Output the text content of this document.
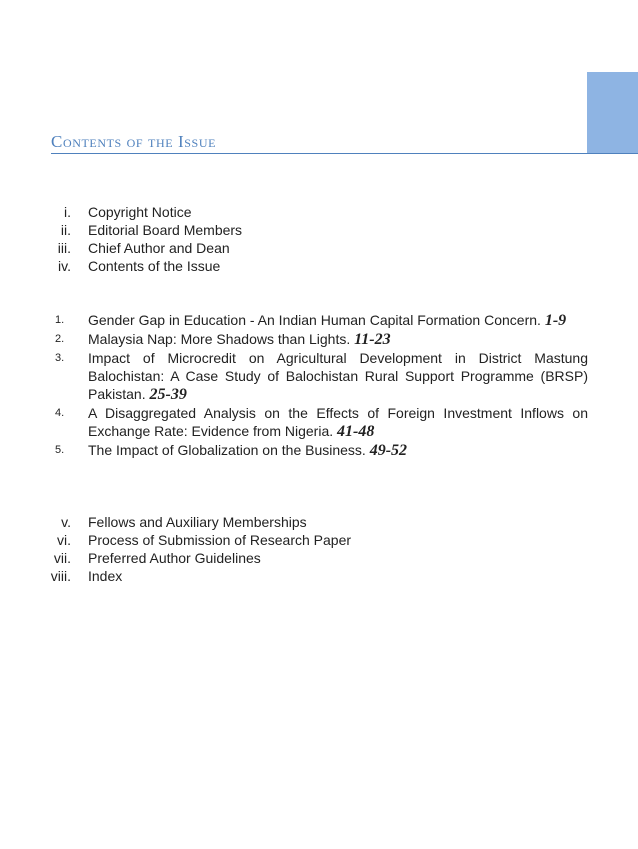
Contents of the Issue
i. Copyright Notice
ii. Editorial Board Members
iii. Chief Author and Dean
iv. Contents of the Issue
1. Gender Gap in Education - An Indian Human Capital Formation Concern. 1-9
2. Malaysia Nap: More Shadows than Lights. 11-23
3. Impact of Microcredit on Agricultural Development in District Mastung Balochistan: A Case Study of Balochistan Rural Support Programme (BRSP) Pakistan. 25-39
4. A Disaggregated Analysis on the Effects of Foreign Investment Inflows on Exchange Rate: Evidence from Nigeria. 41-48
5. The Impact of Globalization on the Business. 49-52
v. Fellows and Auxiliary Memberships
vi. Process of Submission of Research Paper
vii. Preferred Author Guidelines
viii. Index
